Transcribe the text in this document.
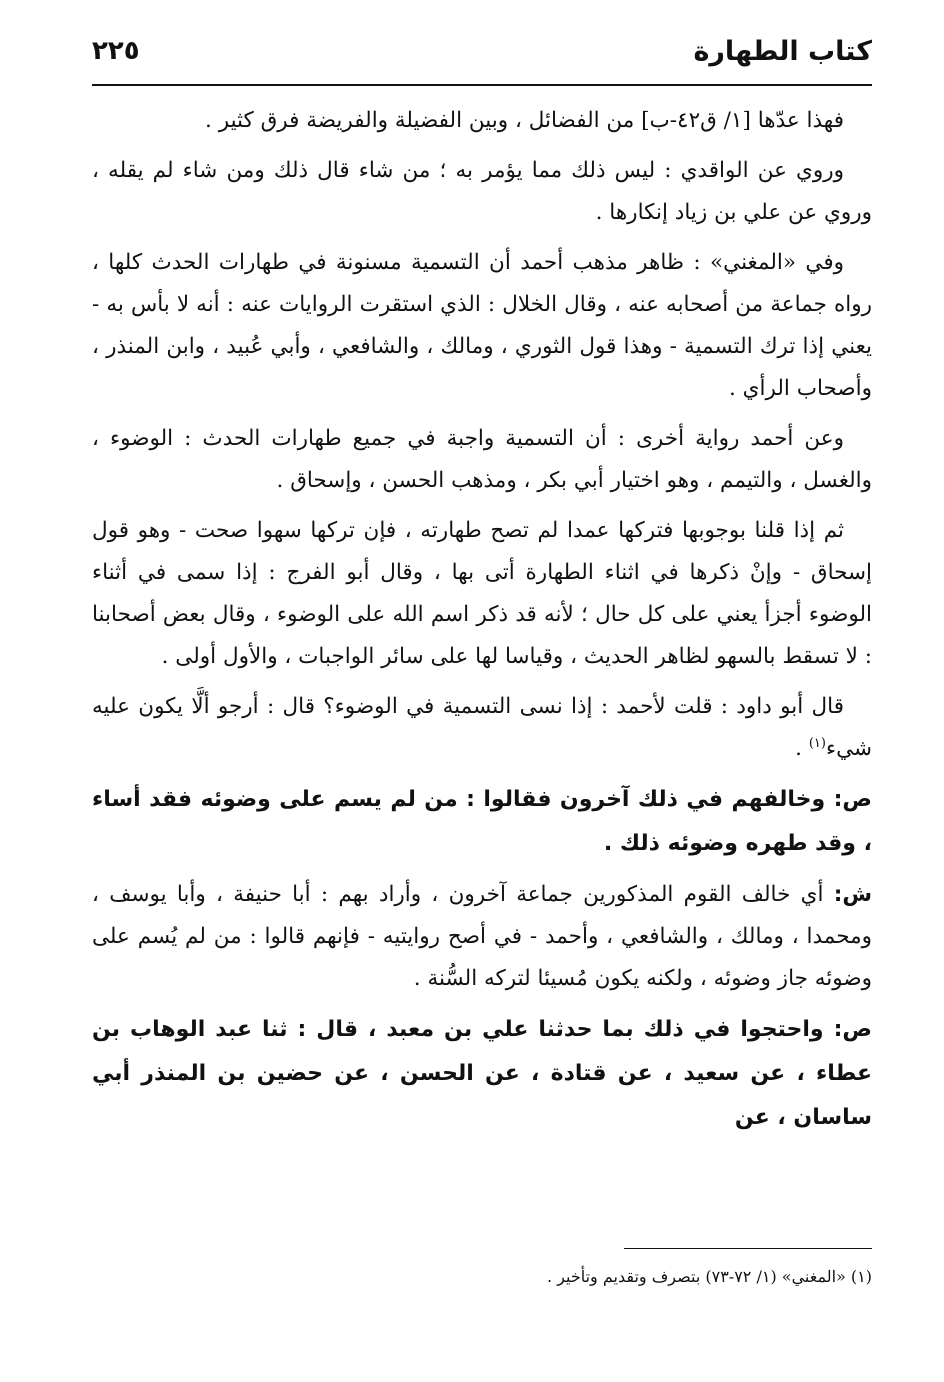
كتاب الطهارة
٢٢٥

فهذا عدّها [١/ ق٤٢-ب] من الفضائل ، وبين الفضيلة والفريضة فرق كثير .

وروي عن الواقدي : ليس ذلك مما يؤمر به ؛ من شاء قال ذلك ومن شاء لم يقله ، وروي عن علي بن زياد إنكارها .

وفي «المغني» : ظاهر مذهب أحمد أن التسمية مسنونة في طهارات الحدث كلها ، رواه جماعة من أصحابه عنه ، وقال الخلال : الذي استقرت الروايات عنه : أنه لا بأس به - يعني إذا ترك التسمية - وهذا قول الثوري ، ومالك ، والشافعي ، وأبي عُبيد ، وابن المنذر ، وأصحاب الرأي .

وعن أحمد رواية أخرى : أن التسمية واجبة في جميع طهارات الحدث : الوضوء ، والغسل ، والتيمم ، وهو اختيار أبي بكر ، ومذهب الحسن ، وإسحاق .

ثم إذا قلنا بوجوبها فتركها عمدا لم تصح طهارته ، فإن تركها سهوا صحت - وهو قول إسحاق - وإنْ ذكرها في اثناء الطهارة أتى بها ، وقال أبو الفرج : إذا سمى في أثناء الوضوء أجزأ يعني على كل حال ؛ لأنه قد ذكر اسم الله على الوضوء ، وقال بعض أصحابنا : لا تسقط بالسهو لظاهر الحديث ، وقياسا لها على سائر الواجبات ، والأول أولى .

قال أبو داود : قلت لأحمد : إذا نسى التسمية في الوضوء؟ قال : أرجو ألَّا يكون عليه شيء$^{(١)}$ .

ص: وخالفهم في ذلك آخرون فقالوا : من لم يسم على وضوئه فقد أساء ، وقد طهره وضوئه ذلك .

ش: أي خالف القوم المذكورين جماعة آخرون ، وأراد بهم : أبا حنيفة ، وأبا يوسف ، ومحمدا ، ومالك ، والشافعي ، وأحمد - في أصح روايتيه - فإنهم قالوا : من لم يُسم على وضوئه جاز وضوئه ، ولكنه يكون مُسيئا لتركه السُّنة .

ص: واحتجوا في ذلك بما حدثنا علي بن معبد ، قال : ثنا عبد الوهاب بن عطاء ، عن سعيد ، عن قتادة ، عن الحسن ، عن حضين بن المنذر أبي ساسان ، عن

(١) «المغني» (١/ ٧٢-٧٣) بتصرف وتقديم وتأخير .
